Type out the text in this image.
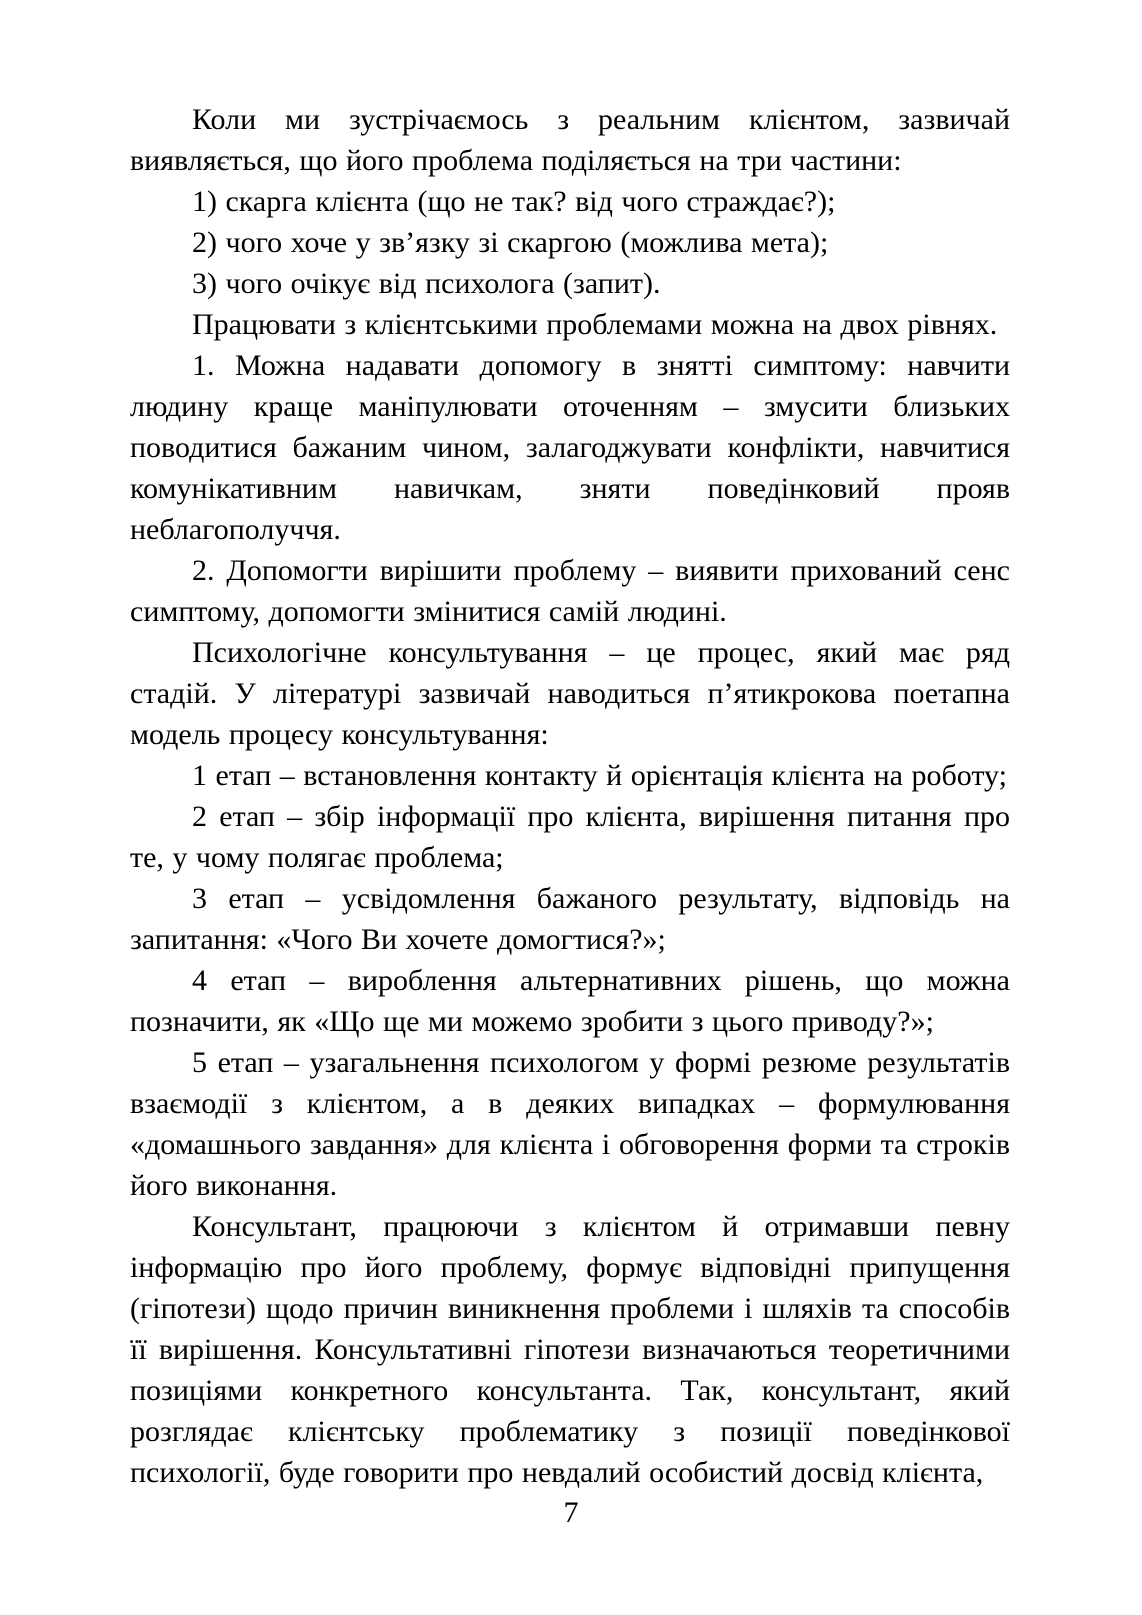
Коли ми зустрічаємось з реальним клієнтом, зазвичай виявляється, що його проблема поділяється на три частини:

1) скарга клієнта (що не так? від чого страждає?);

2) чого хоче у зв’язку зі скаргою (можлива мета);

3) чого очікує від психолога (запит).

Працювати з клієнтськими проблемами можна на двох рівнях.

1. Можна надавати допомогу в знятті симптому: навчити людину краще маніпулювати оточенням – змусити близьких поводитися бажаним чином, залагоджувати конфлікти, навчитися комунікативним навичкам, зняти поведінковий прояв неблагополуччя.

2. Допомогти вирішити проблему – виявити прихований сенс симптому, допомогти змінитися самій людині.

Психологічне консультування – це процес, який має ряд стадій. У літературі зазвичай наводиться п’ятикрокова поетапна модель процесу консультування:

1 етап – встановлення контакту й орієнтація клієнта на роботу;

2 етап – збір інформації про клієнта, вирішення питання про те, у чому полягає проблема;

3 етап – усвідомлення бажаного результату, відповідь на запитання: «Чого Ви хочете домогтися?»;

4 етап – вироблення альтернативних рішень, що можна позначити, як «Що ще ми можемо зробити з цього приводу?»;

5 етап – узагальнення психологом у формі резюме результатів взаємодії з клієнтом, а в деяких випадках – формулювання «домашнього завдання» для клієнта і обговорення форми та строків його виконання.

Консультант, працюючи з клієнтом й отримавши певну інформацію про його проблему, формує відповідні припущення (гіпотези) щодо причин виникнення проблеми і шляхів та способів її вирішення. Консультативні гіпотези визначаються теоретичними позиціями конкретного консультанта. Так, консультант, який розглядає клієнтську проблематику з позиції поведінкової психології, буде говорити про невдалий особистий досвід клієнта,

7
